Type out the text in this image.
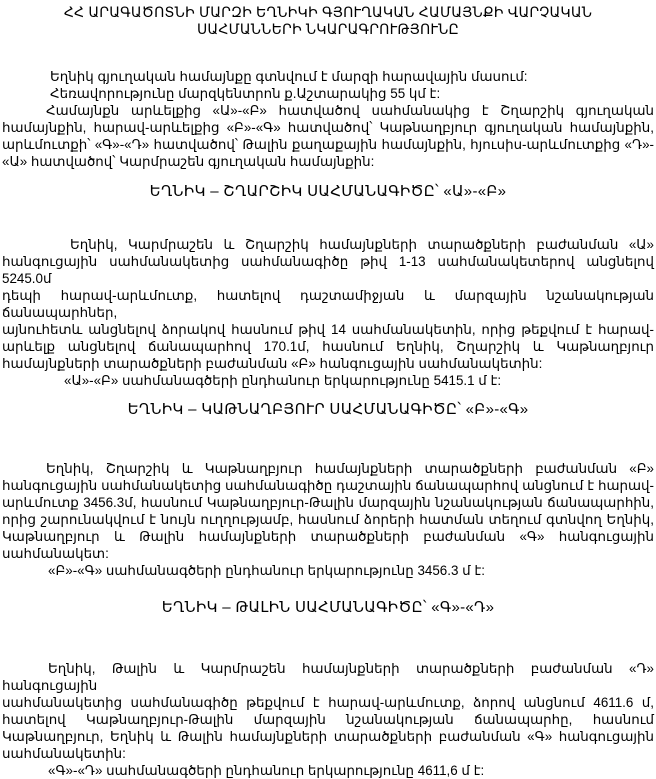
ՀՀ ԱՐԱԳԱԾՈՏՆԻ ՄԱՐԶԻ ԵՂՆԻԿԻ ԳՅՈՒՂԱԿԱՆ ՀԱՄԱՅՆՔԻ ՎԱՐՉԱԿԱՆ
ՍԱՀՄԱՆՆԵՐԻ ՆԿԱՐԱԳՐՈՒԹՅՈՒՆԸ
Եղնիկ գյուղական համայնքը գտնվում է մարզի հարավային մասում:
Հեռավորությունը մարզկենտրոն ք.Աշտարակից 55 կմ է:
Համայնքն արևելքից «Ա»-«Բ» հատվածով սահմանակից է Շղարշիկ գյուղական
համայնքին, հարավ-արևելքից «Բ»-«Գ» հատվածով՝ Կաթնաղբյուր գյուղական համայնքին,
արևմուտքի՝ «Գ»-«Դ» հատվածով՝ Թալին քաղաքային համայնքին, հյուսիս-արևմուտքից «Դ»-
«Ա» հատվածով՝ Կարմրաշեն գյուղական համայնքին:
ԵՂՆԻԿ – ՇՂԱՐՇԻԿ ՍԱՀՄԱՆԱԳԻԾԸ՝ «Ա»-«Բ»
Եղնիկ, Կարմրաշեն և Շղարշիկ համայնքների տարածքների բաժանման «Ա»
հանգուցային սահմանակետից սահմանագիծը թիվ 1-13 սահմանակետերով անցնելով 5245.0մ
դեպի հարավ-արևմուտք, հատելով դաշտամիջյան և մարզային նշանակության ճանապարհներ,
այնուհետև անցնելով ձորակով հասնում թիվ 14 սահմանակետին, որից թեքվում է հարավ-
արևելք անցնելով ճանապարհով 170.1մ, հասնում Եղնիկ, Շղարշիկ և Կաթնաղբյուր
համայնքների տարածքների բաժանման «Բ» հանգուցային սահմանակետին:
«Ա»-«Բ» սահմանագծերի ընդհանուր երկարությունը 5415.1 մ է:
ԵՂՆԻԿ – ԿԱԹՆԱՂԲՅՈՒՐ ՍԱՀՄԱՆԱԳԻԾԸ՝ «Բ»-«Գ»
Եղնիկ, Շղարշիկ և Կաթնաղբյուր համայնքների տարածքների բաժանման «Բ»
հանգուցային սահմանակետից սահմանագիծը դաշտային ճանապարհով անցնում է հարավ-
արևմուտք 3456.3մ, հասնում Կաթնաղբյուր-Թալին մարզային նշանակության ճանապարհին,
որից շարունակվում է նույն ուղղությամբ, հասնում ձորերի հատման տեղում գտնվող Եղնիկ,
Կաթնաղբյուր և Թալին համայնքների տարածքների բաժանման «Գ» հանգուցային
սահմանակետ:
«Բ»-«Գ» սահմանագծերի ընդհանուր երկարությունը 3456.3 մ է:
ԵՂՆԻԿ – ԹԱԼԻՆ ՍԱՀՄԱՆԱԳԻԾԸ՝ «Գ»-«Դ»
Եղնիկ, Թալին և Կարմրաշեն համայնքների տարածքների բաժանման «Դ» հանգուցային
սահմանակետից սահմանագիծը թեքվում է հարավ-արևմուտք, ձորով անցնում 4611.6 մ,
հատելով Կաթնաղբյուր-Թալին մարզային նշանակության ճանապարհը, հասնում
Կաթնաղբյուր, Եղնիկ և Թալին համայնքների տարածքների բաժանման «Գ» հանգուցային
սահմանակետին:
«Գ»-«Դ» սահմանագծերի ընդհանուր երկարությունը 4611,6 մ է:
